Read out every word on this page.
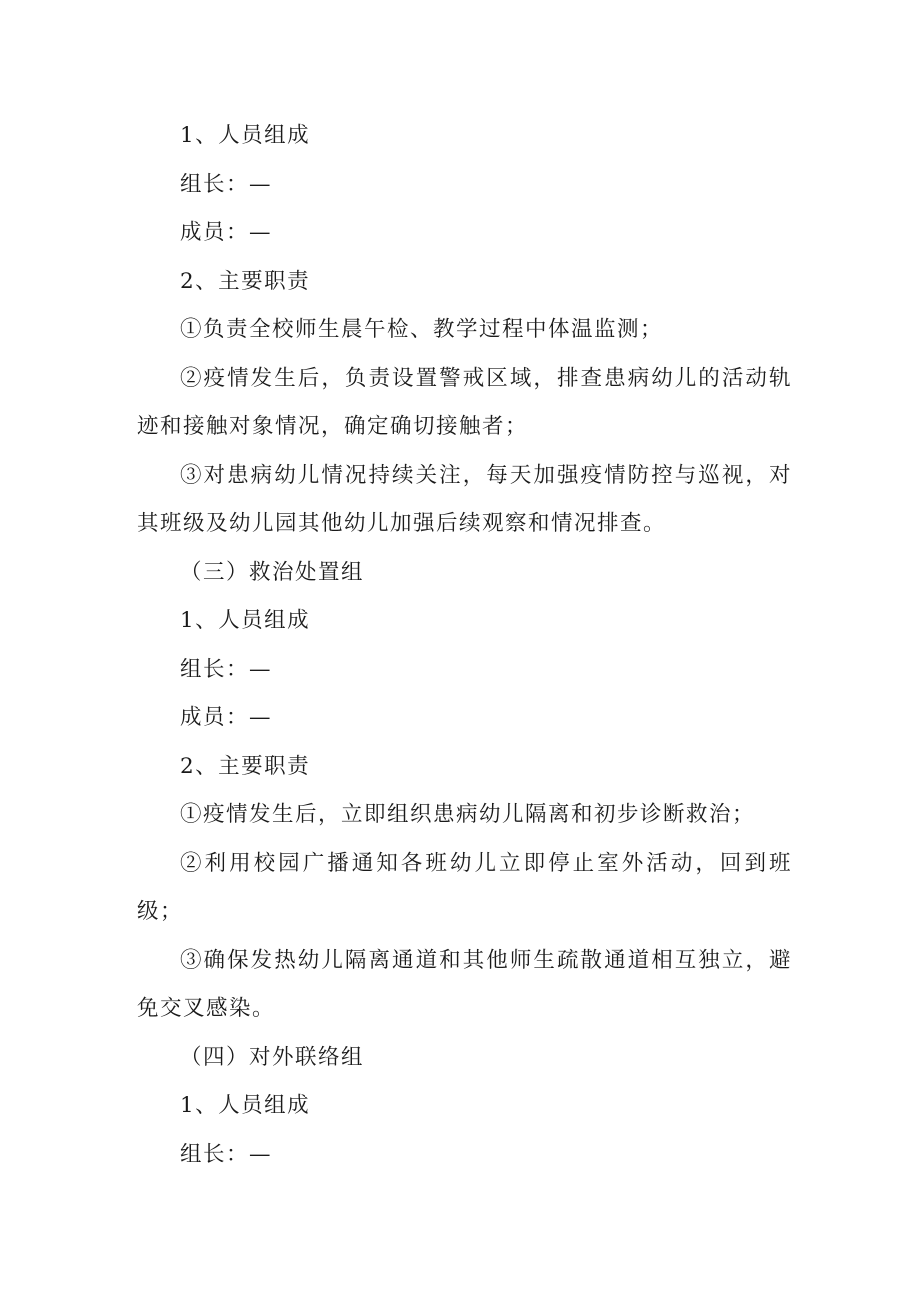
1、人员组成

组长：—

成员：—

2、主要职责

①负责全校师生晨午检、教学过程中体温监测；

②疫情发生后，负责设置警戒区域，排查患病幼儿的活动轨迹和接触对象情况，确定确切接触者；

③对患病幼儿情况持续关注，每天加强疫情防控与巡视，对其班级及幼儿园其他幼儿加强后续观察和情况排查。

（三）救治处置组

1、人员组成

组长：—

成员：—

2、主要职责

①疫情发生后，立即组织患病幼儿隔离和初步诊断救治；

②利用校园广播通知各班幼儿立即停止室外活动，回到班级；

③确保发热幼儿隔离通道和其他师生疏散通道相互独立，避免交叉感染。

（四）对外联络组

1、人员组成

组长：—
